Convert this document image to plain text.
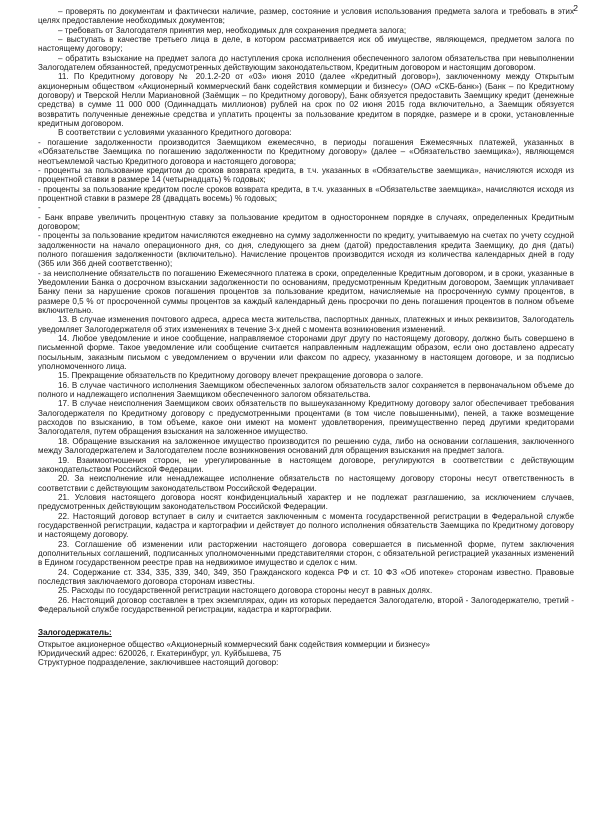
2

– проверять по документам и фактически наличие, размер, состояние и условия использования предмета залога и требовать в этих целях предоставление необходимых документов;

– требовать от Залогодателя принятия мер, необходимых для сохранения предмета залога;

– выступать в качестве третьего лица в деле, в котором рассматривается иск об имуществе, являющемся, предметом залога по настоящему договору;

– обратить взыскание на предмет залога до наступления срока исполнения обеспеченного залогом обязательства при невыполнении Залогодателем обязанностей, предусмотренных действующим законодательством, Кредитным договором и настоящим договором.

11. По Кредитному договору № 20.1.2-20 от «03» июня 2010 (далее «Кредитный договор»), заключенному между Открытым акционерным обществом «Акционерный коммерческий банк содействия коммерции и бизнесу» (ОАО «СКБ-банк») (Банк – по Кредитному договору) и Тверской Нелли Мариановной (Заёмщик – по Кредитному договору), Банк обязуется предоставить Заемщику кредит (денежные средства) в сумме 11 000 000 (Одиннадцать миллионов) рублей на срок по 02 июня 2015 года включительно, а Заемщик обязуется возвратить полученные денежные средства и уплатить проценты за пользование кредитом в порядке, размере и в сроки, установленные кредитным договором.

В соответствии с условиями указанного Кредитного договора:

- погашение задолженности производится Заемщиком ежемесячно, в периоды погашения Ежемесячных платежей, указанных в «Обязательстве Заемщика по погашению задолженности по Кредитному договору» (далее – «Обязательство заемщика»), являющемся неотъемлемой частью Кредитного договора и настоящего договора;

- проценты за пользование кредитом до сроков возврата кредита, в т.ч. указанных в «Обязательстве заемщика», начисляются исходя из процентной ставки в размере 14 (четырнадцать) % годовых;

- проценты за пользование кредитом после сроков возврата кредита, в т.ч. указанных в «Обязательстве заемщика», начисляются исходя из процентной ставки в размере 28 (двадцать восемь) % годовых;

-

- Банк вправе увеличить процентную ставку за пользование кредитом в одностороннем порядке в случаях, определенных Кредитным договором;

- проценты за пользование кредитом начисляются ежедневно на сумму задолженности по кредиту, учитываемую на счетах по учету ссудной задолженности на начало операционного дня, со дня, следующего за днем (датой) предоставления кредита Заемщику, до дня (даты) полного погашения задолженности (включительно). Начисление процентов производится исходя из количества календарных дней в году (365 или 366 дней соответственно);

- за неисполнение обязательств по погашению Ежемесячного платежа в сроки, определенные Кредитным договором, и в сроки, указанные в Уведомлении Банка о досрочном взыскании задолженности по основаниям, предусмотренным Кредитным договором, Заемщик уплачивает Банку пени за нарушение сроков погашения процентов за пользование кредитом, начисляемые на просроченную сумму процентов, в размере 0,5 % от просроченной суммы процентов за каждый календарный день просрочки по день погашения процентов в полном объеме включительно.

13. В случае изменения почтового адреса, адреса места жительства, паспортных данных, платежных и иных реквизитов, Залогодатель уведомляет Залогодержателя об этих изменениях в течение 3-х дней с момента возникновения изменений.

14. Любое уведомление и иное сообщение, направляемое сторонами друг другу по настоящему договору, должно быть совершено в письменной форме. Такое уведомление или сообщение считается направленным надлежащим образом, если оно доставлено адресату посыльным, заказным письмом с уведомлением о вручении или факсом по адресу, указанному в настоящем договоре, и за подписью уполномоченного лица.

15. Прекращение обязательств по Кредитному договору влечет прекращение договора о залоге.

16. В случае частичного исполнения Заемщиком обеспеченных залогом обязательств залог сохраняется в первоначальном объеме до полного и надлежащего исполнения Заемщиком обеспеченного залогом обязательства.

17. В случае неисполнения Заемщиком своих обязательств по вышеуказанному Кредитному договору залог обеспечивает требования Залогодержателя по Кредитному договору с предусмотренными процентами (в том числе повышенными), пеней, а также возмещение расходов по взысканию, в том объеме, какое они имеют на момент удовлетворения, преимущественно перед другими кредиторами Залогодателя, путем обращения взыскания на заложенное имущество.

18. Обращение взыскания на заложенное имущество производится по решению суда, либо на основании соглашения, заключенного между Залогодержателем и Залогодателем после возникновения оснований для обращения взыскания на предмет залога.

19. Взаимоотношения сторон, не урегулированные в настоящем договоре, регулируются в соответствии с действующим законодательством Российской Федерации.

20. За неисполнение или ненадлежащее исполнение обязательств по настоящему договору стороны несут ответственность в соответствии с действующим законодательством Российской Федерации.

21. Условия настоящего договора носят конфиденциальный характер и не подлежат разглашению, за исключением случаев, предусмотренных действующим законодательством Российской Федерации.

22. Настоящий договор вступает в силу и считается заключенным с момента государственной регистрации в Федеральной службе государственной регистрации, кадастра и картографии и действует до полного исполнения обязательств Заемщика по Кредитному договору и настоящему договору.

23. Соглашение об изменении или расторжении настоящего договора совершается в письменной форме, путем заключения дополнительных соглашений, подписанных уполномоченными представителями сторон, с обязательной регистрацией указанных изменений в Едином государственном реестре прав на недвижимое имущество и сделок с ним.

24. Содержание ст. 334, 335, 339, 340, 349, 350 Гражданского кодекса РФ и ст. 10 ФЗ «Об ипотеке» сторонам известно. Правовые последствия заключаемого договора сторонам известны.

25. Расходы по государственной регистрации настоящего договора стороны несут в равных долях.

26. Настоящий договор составлен в трех экземплярах, один из которых передается Залогодателю, второй - Залогодержателю, третий - Федеральной службе государственной регистрации, кадастра и картографии.

Залогодержатель:

Открытое акционерное общество «Акционерный коммерческий банк содействия коммерции и бизнесу»

Юридический адрес: 620026, г. Екатеринбург, ул. Куйбышева, 75

Структурное подразделение, заключившее настоящий договор:
